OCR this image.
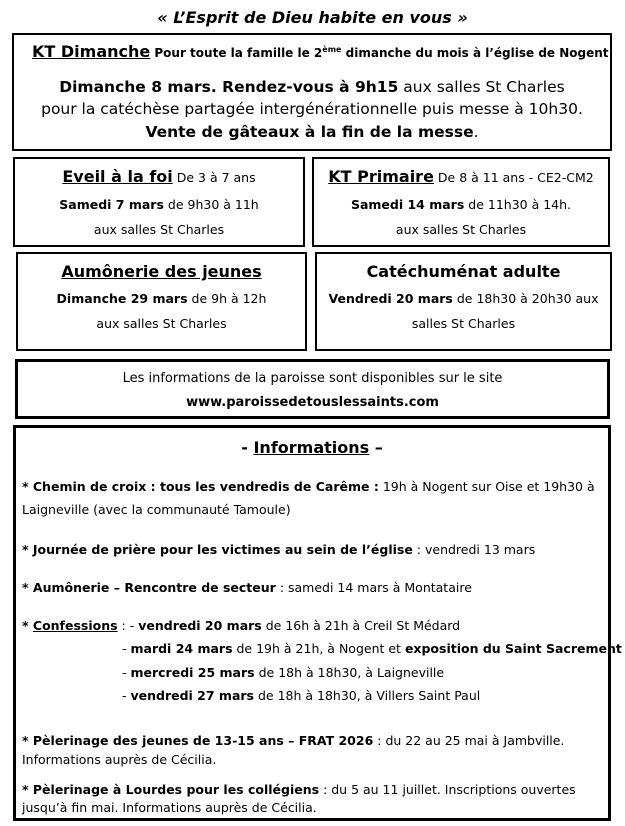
« L’Esprit de Dieu habite en vous »
KT Dimanche Pour toute la famille le 2ème dimanche du mois à l’église de Nogent
Dimanche 8 mars. Rendez-vous à 9h15 aux salles St Charles
pour la catéchèse partagée intergénérationnelle puis messe à 10h30.
Vente de gâteaux à la fin de la messe.
Eveil à la foi De 3 à 7 ans
Samedi 7 mars de 9h30 à 11h
aux salles St Charles
KT Primaire De 8 à 11 ans - CE2-CM2
Samedi 14 mars de 11h30 à 14h.
aux salles St Charles
Aumônerie des jeunes
Dimanche 29 mars de 9h à 12h
aux salles St Charles
Catéchuménat adulte
Vendredi 20 mars de 18h30 à 20h30 aux
salles St Charles
Les informations de la paroisse sont disponibles sur le site
www.paroissedetouslessaints.com
- Informations –
* Chemin de croix : tous les vendredis de Carême : 19h à Nogent sur Oise et 19h30 à
Laigneville (avec la communauté Tamoule)
* Journée de prière pour les victimes au sein de l’église : vendredi 13 mars
* Aumônerie – Rencontre de secteur : samedi 14 mars à Montataire
* Confessions : - vendredi 20 mars de 16h à 21h à Creil St Médard
- mardi 24 mars de 19h à 21h, à Nogent et exposition du Saint Sacrement
- mercredi 25 mars de 18h à 18h30, à Laigneville
- vendredi 27 mars de 18h à 18h30, à Villers Saint Paul
* Pèlerinage des jeunes de 13-15 ans – FRAT 2026 : du 22 au 25 mai à Jambville.
Informations auprès de Cécilia.
* Pèlerinage à Lourdes pour les collégiens : du 5 au 11 juillet. Inscriptions ouvertes
jusqu’à fin mai. Informations auprès de Cécilia.
